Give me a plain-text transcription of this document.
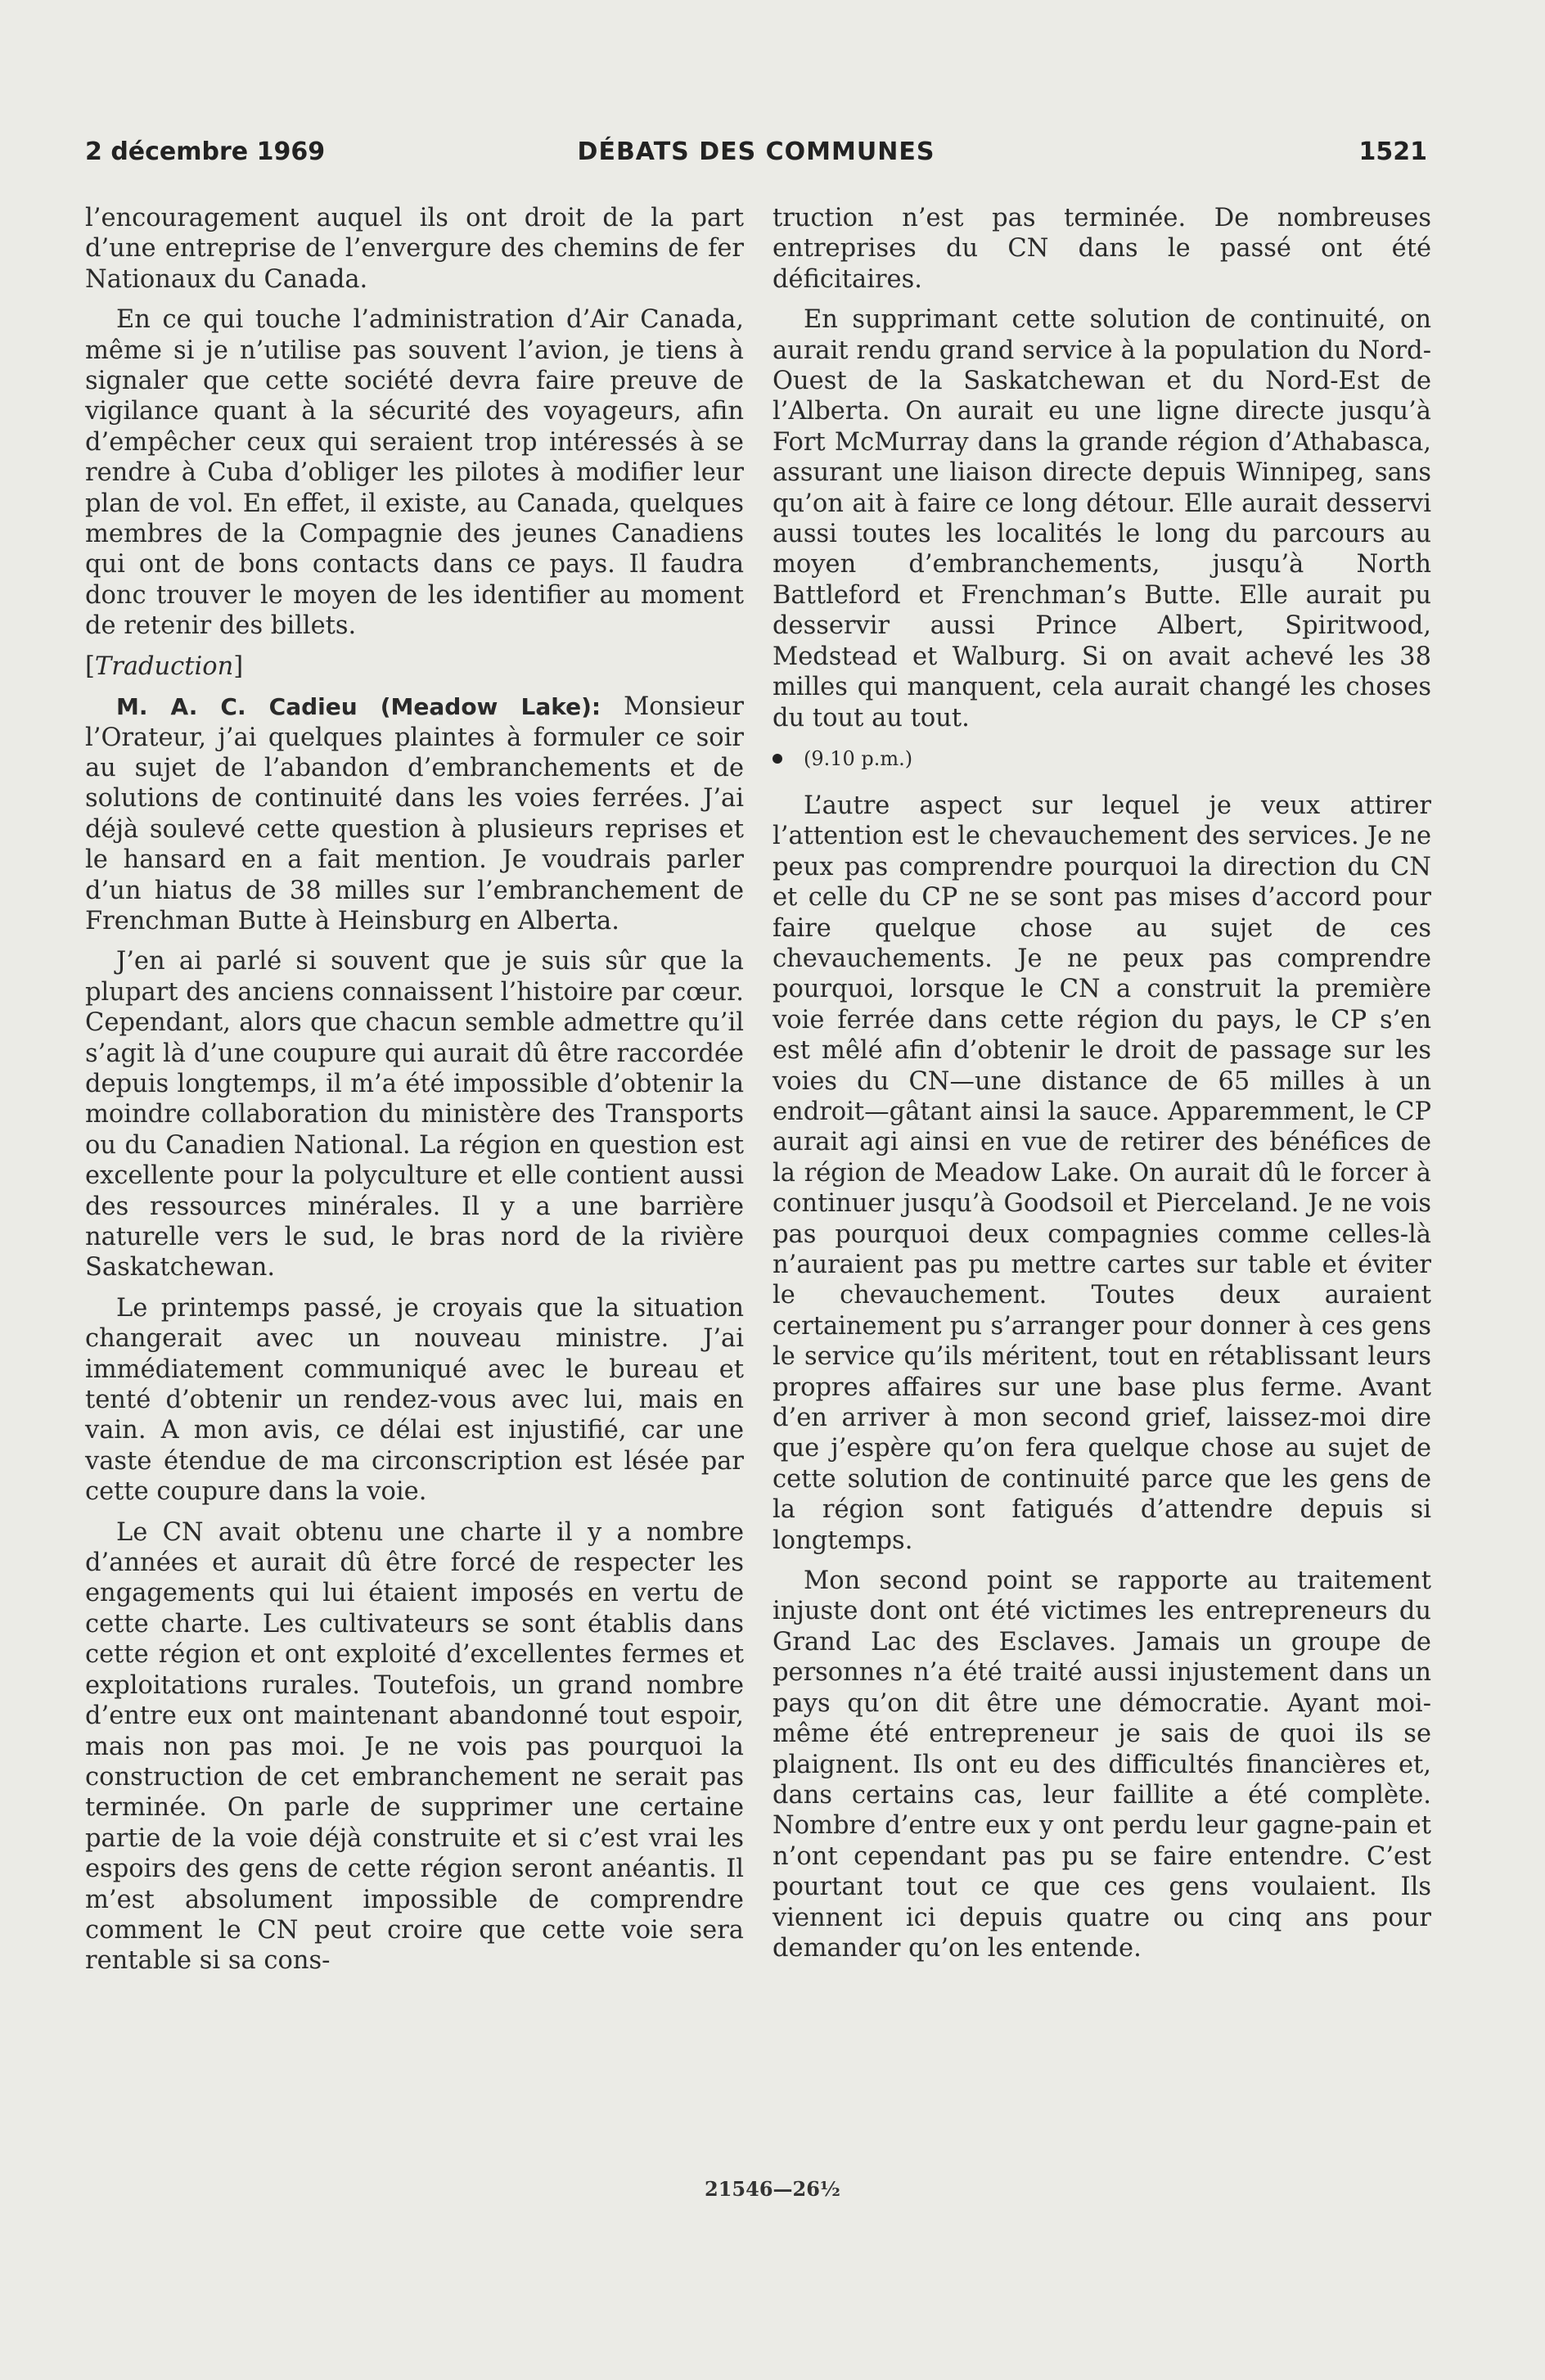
2 décembre 1969	DÉBATS DES COMMUNES	1521

l’encouragement auquel ils ont droit de la part d’une entreprise de l’envergure des chemins de fer Nationaux du Canada.

En ce qui touche l’administration d’Air Canada, même si je n’utilise pas souvent l’avion, je tiens à signaler que cette société devra faire preuve de vigilance quant à la sécurité des voyageurs, afin d’empêcher ceux qui seraient trop intéressés à se rendre à Cuba d’obliger les pilotes à modifier leur plan de vol. En effet, il existe, au Canada, quelques membres de la Compagnie des jeunes Canadiens qui ont de bons contacts dans ce pays. Il faudra donc trouver le moyen de les identifier au moment de retenir des billets.

[Traduction]

M. A. C. Cadieu (Meadow Lake): Monsieur l’Orateur, j’ai quelques plaintes à formuler ce soir au sujet de l’abandon d’embranchements et de solutions de continuité dans les voies ferrées. J’ai déjà soulevé cette question à plusieurs reprises et le hansard en a fait mention. Je voudrais parler d’un hiatus de 38 milles sur l’embranchement de Frenchman Butte à Heinsburg en Alberta.

J’en ai parlé si souvent que je suis sûr que la plupart des anciens connaissent l’histoire par cœur. Cependant, alors que chacun semble admettre qu’il s’agit là d’une coupure qui aurait dû être raccordée depuis longtemps, il m’a été impossible d’obtenir la moindre collaboration du ministère des Transports ou du Canadien National. La région en question est excellente pour la polyculture et elle contient aussi des ressources minérales. Il y a une barrière naturelle vers le sud, le bras nord de la rivière Saskatchewan.

Le printemps passé, je croyais que la situation changerait avec un nouveau ministre. J’ai immédiatement communiqué avec le bureau et tenté d’obtenir un rendez-vous avec lui, mais en vain. A mon avis, ce délai est injustifié, car une vaste étendue de ma circonscription est lésée par cette coupure dans la voie.

Le CN avait obtenu une charte il y a nombre d’années et aurait dû être forcé de respecter les engagements qui lui étaient imposés en vertu de cette charte. Les cultivateurs se sont établis dans cette région et ont exploité d’excellentes fermes et exploitations rurales. Toutefois, un grand nombre d’entre eux ont maintenant abandonné tout espoir, mais non pas moi. Je ne vois pas pourquoi la construction de cet embranchement ne serait pas terminée. On parle de supprimer une certaine partie de la voie déjà construite et si c’est vrai les espoirs des gens de cette région seront anéantis. Il m’est absolument impossible de comprendre comment le CN peut croire que cette voie sera rentable si sa cons-

truction n’est pas terminée. De nombreuses entreprises du CN dans le passé ont été déficitaires.

En supprimant cette solution de continuité, on aurait rendu grand service à la population du Nord-Ouest de la Saskatchewan et du Nord-Est de l’Alberta. On aurait eu une ligne directe jusqu’à Fort McMurray dans la grande région d’Athabasca, assurant une liaison directe depuis Winnipeg, sans qu’on ait à faire ce long détour. Elle aurait desservi aussi toutes les localités le long du parcours au moyen d’embranchements, jusqu’à North Battleford et Frenchman’s Butte. Elle aurait pu desservir aussi Prince Albert, Spiritwood, Medstead et Walburg. Si on avait achevé les 38 milles qui manquent, cela aurait changé les choses du tout au tout.

(9.10 p.m.)

L’autre aspect sur lequel je veux attirer l’attention est le chevauchement des services. Je ne peux pas comprendre pourquoi la direction du CN et celle du CP ne se sont pas mises d’accord pour faire quelque chose au sujet de ces chevauchements. Je ne peux pas comprendre pourquoi, lorsque le CN a construit la première voie ferrée dans cette région du pays, le CP s’en est mêlé afin d’obtenir le droit de passage sur les voies du CN—une distance de 65 milles à un endroit—gâtant ainsi la sauce. Apparemment, le CP aurait agi ainsi en vue de retirer des bénéfices de la région de Meadow Lake. On aurait dû le forcer à continuer jusqu’à Goodsoil et Pierceland. Je ne vois pas pourquoi deux compagnies comme celles-là n’auraient pas pu mettre cartes sur table et éviter le chevauchement. Toutes deux auraient certainement pu s’arranger pour donner à ces gens le service qu’ils méritent, tout en rétablissant leurs propres affaires sur une base plus ferme. Avant d’en arriver à mon second grief, laissez-moi dire que j’espère qu’on fera quelque chose au sujet de cette solution de continuité parce que les gens de la région sont fatigués d’attendre depuis si longtemps.

Mon second point se rapporte au traitement injuste dont ont été victimes les entrepreneurs du Grand Lac des Esclaves. Jamais un groupe de personnes n’a été traité aussi injustement dans un pays qu’on dit être une démocratie. Ayant moi-même été entrepreneur je sais de quoi ils se plaignent. Ils ont eu des difficultés financières et, dans certains cas, leur faillite a été complète. Nombre d’entre eux y ont perdu leur gagne-pain et n’ont cependant pas pu se faire entendre. C’est pourtant tout ce que ces gens voulaient. Ils viennent ici depuis quatre ou cinq ans pour demander qu’on les entende.

21546—26½
